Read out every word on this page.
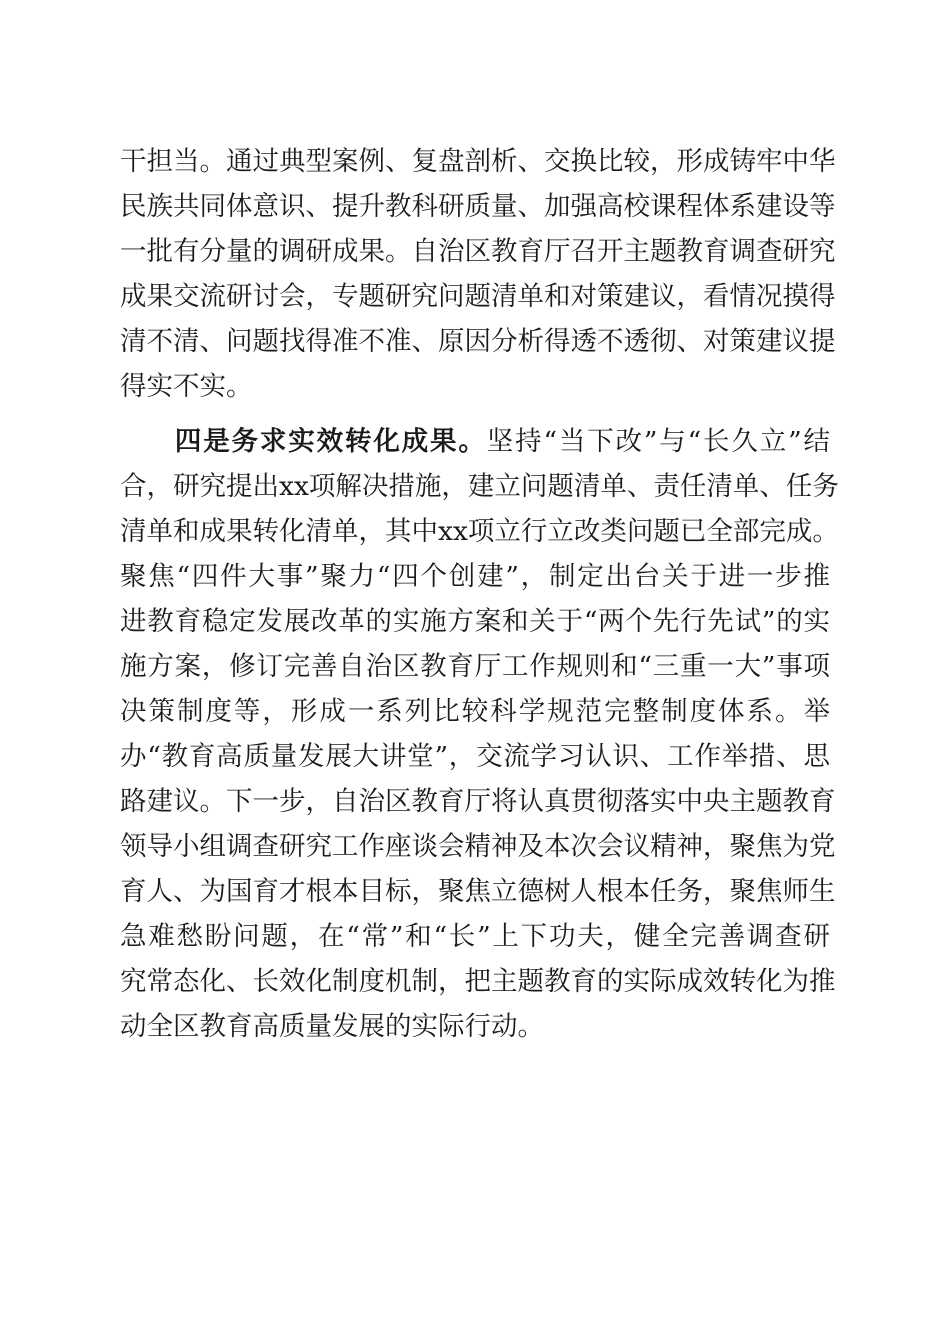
干担当。通过典型案例、复盘剖析、交换比较，形成铸牢中华
民族共同体意识、提升教科研质量、加强高校课程体系建设等
一批有分量的调研成果。自治区教育厅召开主题教育调查研究
成果交流研讨会，专题研究问题清单和对策建议，看情况摸得
清不清、问题找得准不准、原因分析得透不透彻、对策建议提
得实不实。
四是务求实效转化成果。坚持“当下改”与“长久立”结
合，研究提出xx项解决措施，建立问题清单、责任清单、任务
清单和成果转化清单，其中xx项立行立改类问题已全部完成。
聚焦“四件大事”聚力“四个创建”，制定出台关于进一步推
进教育稳定发展改革的实施方案和关于“两个先行先试”的实
施方案，修订完善自治区教育厅工作规则和“三重一大”事项
决策制度等，形成一系列比较科学规范完整制度体系。举
办“教育高质量发展大讲堂”，交流学习认识、工作举措、思
路建议。下一步，自治区教育厅将认真贯彻落实中央主题教育
领导小组调查研究工作座谈会精神及本次会议精神，聚焦为党
育人、为国育才根本目标，聚焦立德树人根本任务，聚焦师生
急难愁盼问题，在“常”和“长”上下功夫，健全完善调查研
究常态化、长效化制度机制，把主题教育的实际成效转化为推
动全区教育高质量发展的实际行动。
